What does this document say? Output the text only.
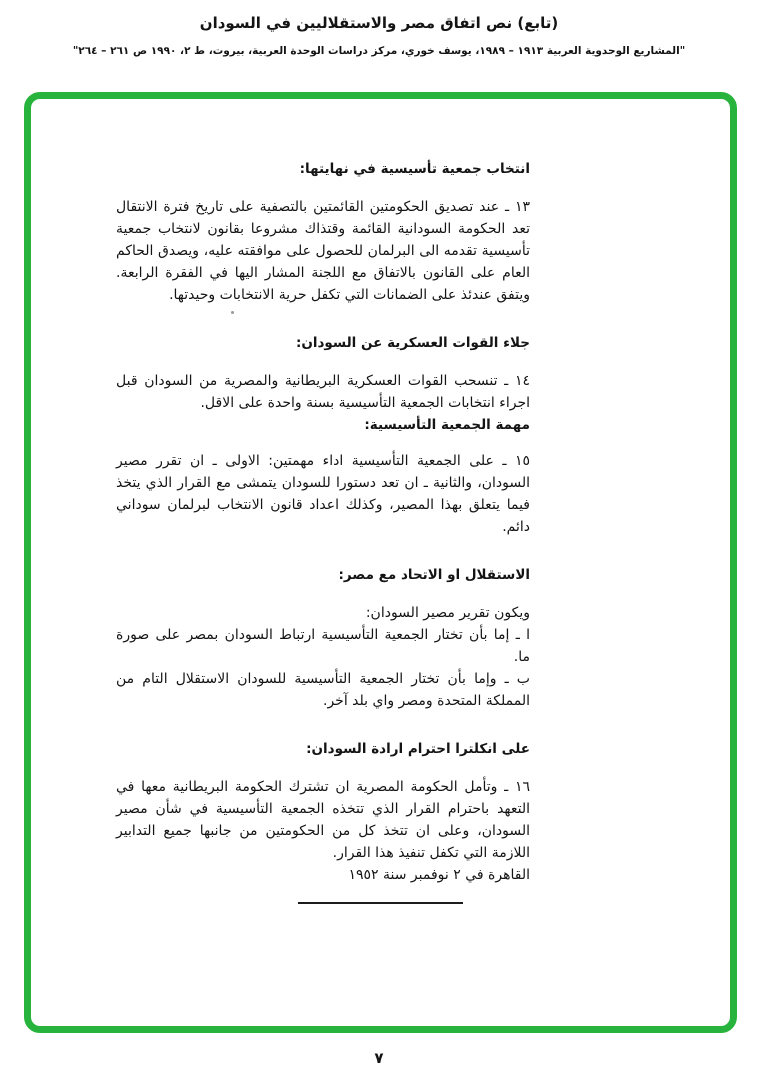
(تابع) نص اتفاق مصر والاستقلاليين في السودان
"المشاريع الوحدوية العربية ١٩١٣ – ١٩٨٩، يوسف خوري، مركز دراسات الوحدة العربية، بيروت، ط ٢، ١٩٩٠ ص ٢٦١ – ٢٦٤"
انتخاب جمعية تأسيسية في نهايتها:
١٣ ـ عند تصديق الحكومتين القائمتين بالتصفية على تاريخ فترة الانتقال تعد الحكومة السودانية القائمة وقتذاك مشروعا بقانون لانتخاب جمعية تأسيسية تقدمه الى البرلمان للحصول على موافقته عليه، ويصدق الحاكم العام على القانون بالاتفاق مع اللجنة المشار اليها في الفقرة الرابعة. ويتفق عندئذ على الضمانات التي تكفل حرية الانتخابات وحيدتها.
جلاء القوات العسكرية عن السودان:
١٤ ـ تنسحب القوات العسكرية البريطانية والمصرية من السودان قبل اجراء انتخابات الجمعية التأسيسية بسنة واحدة على الاقل.
مهمة الجمعية التأسيسية:
١٥ ـ على الجمعية التأسيسية اداء مهمتين: الاولى ـ ان تقرر مصير السودان، والثانية ـ ان تعد دستورا للسودان يتمشى مع القرار الذي يتخذ فيما يتعلق بهذا المصير، وكذلك اعداد قانون الانتخاب لبرلمان سوداني دائم.
الاستقلال او الاتحاد مع مصر:
ويكون تقرير مصير السودان:
ا ـ إما بأن تختار الجمعية التأسيسية ارتباط السودان بمصر على صورة ما.
ب ـ وإما بأن تختار الجمعية التأسيسية للسودان الاستقلال التام من المملكة المتحدة ومصر واي بلد آخر.
على انكلترا احترام ارادة السودان:
١٦ ـ وتأمل الحكومة المصرية ان تشترك الحكومة البريطانية معها في التعهد باحترام القرار الذي تتخذه الجمعية التأسيسية في شأن مصير السودان، وعلى ان تتخذ كل من الحكومتين من جانبها جميع التدابير اللازمة التي تكفل تنفيذ هذا القرار.
القاهرة في ٢ نوفمبر سنة ١٩٥٢
٧
